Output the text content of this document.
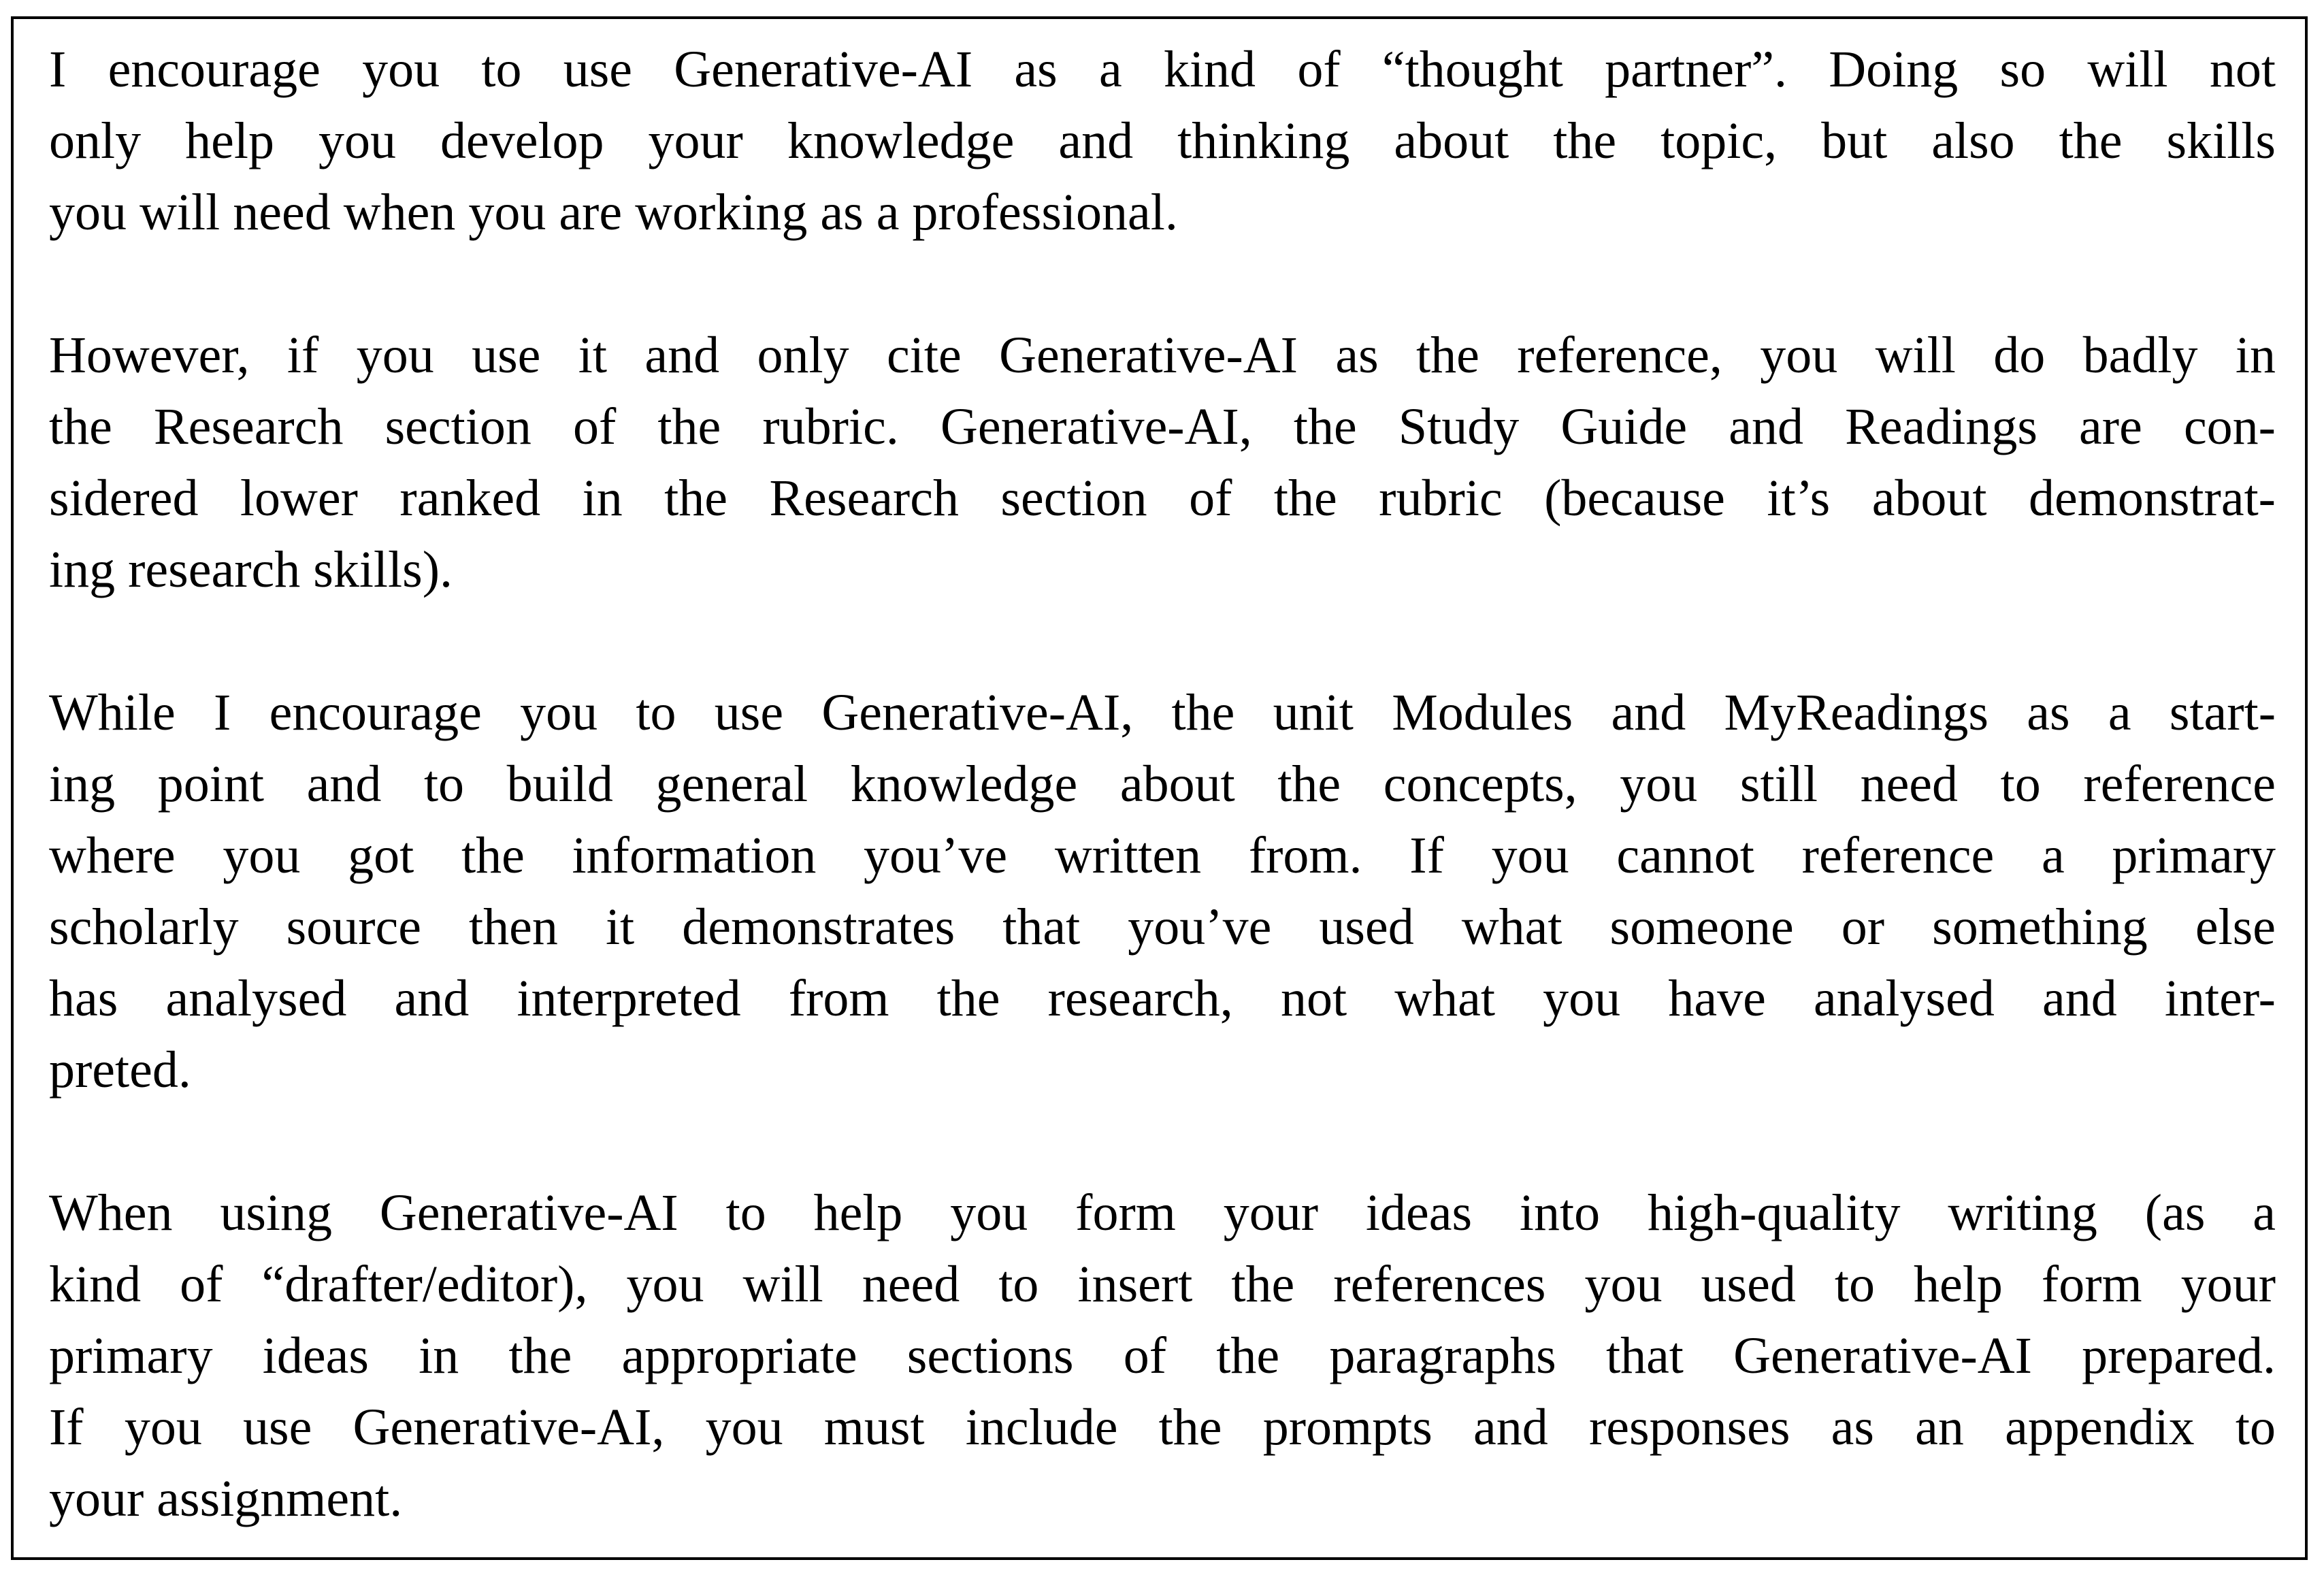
I encourage you to use Generative-AI as a kind of “thought partner”. Doing so will not
only help you develop your knowledge and thinking about the topic, but also the skills
you will need when you are working as a professional.

However, if you use it and only cite Generative-AI as the reference, you will do badly in
the Research section of the rubric. Generative-AI, the Study Guide and Readings are con-
sidered lower ranked in the Research section of the rubric (because it’s about demonstrat-
ing research skills).

While I encourage you to use Generative-AI, the unit Modules and MyReadings as a start-
ing point and to build general knowledge about the concepts, you still need to reference
where you got the information you’ve written from. If you cannot reference a primary
scholarly source then it demonstrates that you’ve used what someone or something else
has analysed and interpreted from the research, not what you have analysed and inter-
preted.

When using Generative-AI to help you form your ideas into high-quality writing (as a
kind of “drafter/editor), you will need to insert the references you used to help form your
primary ideas in the appropriate sections of the paragraphs that Generative-AI prepared.
If you use Generative-AI, you must include the prompts and responses as an appendix to
your assignment.
